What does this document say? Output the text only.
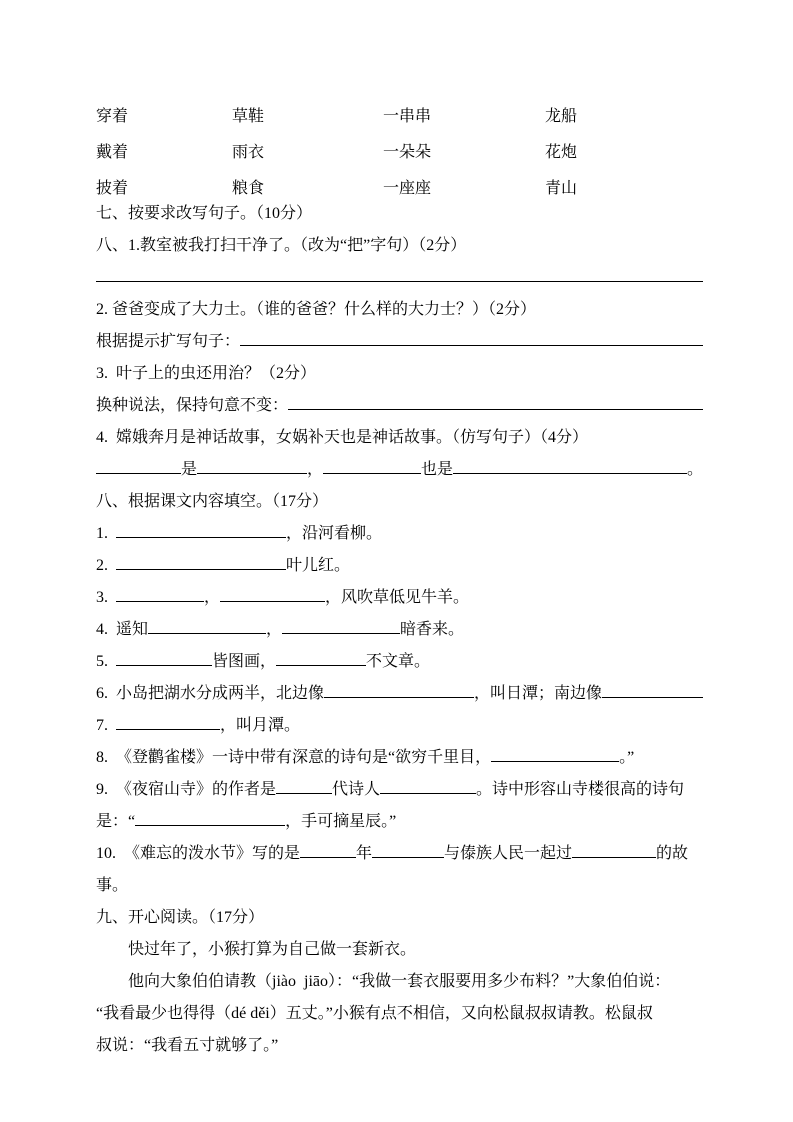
穿着	草鞋	一串串	龙船
戴着	雨衣	一朵朵	花炮
披着	粮食	一座座	青山
​ 七、按要求改写句子。（10分）
​ 八、1.教室被我打扫干净了。（改为“把”字句）（2分）
​
​ 2. 爸爸变成了大力士。（谁的爸爸？什么样的大力士？）（2分）
​ 根据提示扩写句子：
​ 3.  叶子上的虫还用治？（2分）
​ 换种说法，保持句意不变：
​ 4.  嫦娥奔月是神话故事，女娲补天也是神话故事。（仿写句子）（4分）
​ 是	，	也是	。
​ 八、根据课文内容填空。（17分）
​ 1.	，沿河看柳。
​ 2.	叶儿红。
​ 3.	，	，风吹草低见牛羊。
​ 4.  遥知	，	暗香来。
​ 5.	皆图画，	不文章。
​ 6.  小岛把湖水分成两半，北边像	，叫日潭；南边像
​ 7.	，叫月潭。
​ 8.  《登鹳雀楼》一诗中带有深意的诗句是“欲穷千里目，	。”
​ 9.  《夜宿山寺》的作者是	代诗人	。诗中形容山寺楼很高的诗句
​ 是：“	，手可摘星辰。”
​ 10.  《难忘的泼水节》写的是	年	与傣族人民一起过	的故
​ 事。
​ 九、开心阅读。（17分）
​ 快过年了，小猴打算为自己做一套新衣。
​ 他向大象伯伯请教（jiào  jiāo）：“我做一套衣服要用多少布料？”大象伯伯说：
​ “我看最少也得得（dé děi）五丈。”小猴有点不相信，又向松鼠叔叔请教。松鼠叔
​ 叔说：“我看五寸就够了。”
